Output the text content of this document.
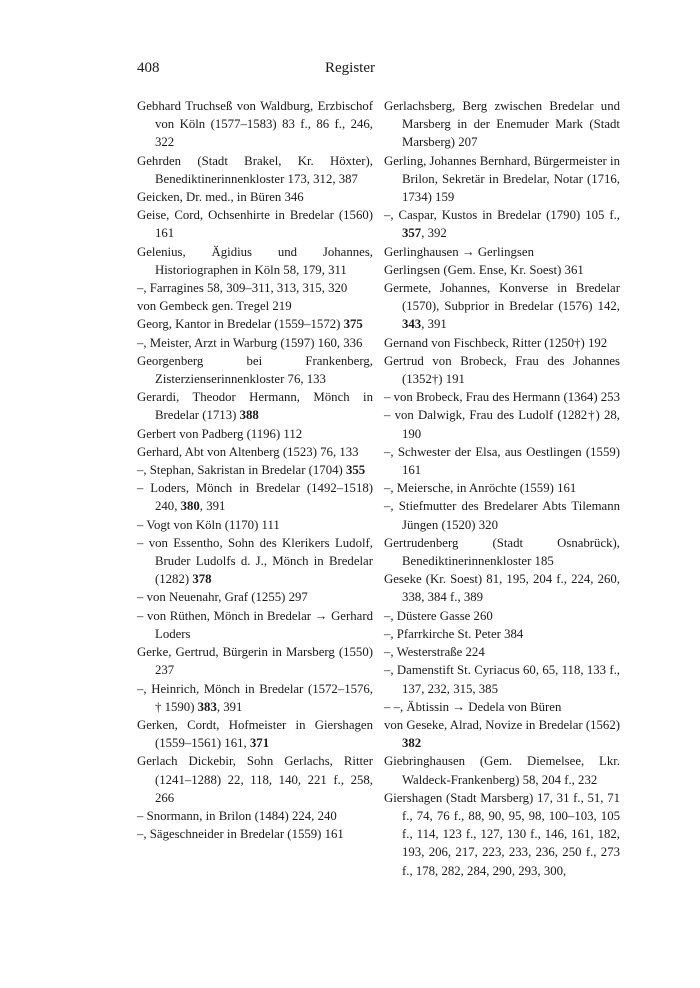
408	Register

Gebhard Truchseß von Waldburg, Erzbischof von Köln (1577–1583) 83 f., 86 f., 246, 322

Gehrden (Stadt Brakel, Kr. Höxter), Benediktinerinnenkloster 173, 312, 387

Geicken, Dr. med., in Büren 346

Geise, Cord, Ochsenhirte in Bredelar (1560) 161

Gelenius, Ägidius und Johannes, Historiographen in Köln 58, 179, 311

–, Farragines 58, 309–311, 313, 315, 320

von Gembeck gen. Tregel 219

Georg, Kantor in Bredelar (1559–1572) 375

–, Meister, Arzt in Warburg (1597) 160, 336

Georgenberg bei Frankenberg, Zisterzienserinnenkloster 76, 133

Gerardi, Theodor Hermann, Mönch in Bredelar (1713) 388

Gerbert von Padberg (1196) 112

Gerhard, Abt von Altenberg (1523) 76, 133

–, Stephan, Sakristan in Bredelar (1704) 355

– Loders, Mönch in Bredelar (1492–1518) 240, 380, 391

– Vogt von Köln (1170) 111

– von Essentho, Sohn des Klerikers Ludolf, Bruder Ludolfs d. J., Mönch in Bredelar (1282) 378

– von Neuenahr, Graf (1255) 297

– von Rüthen, Mönch in Bredelar → Gerhard Loders

Gerke, Gertrud, Bürgerin in Marsberg (1550) 237

–, Heinrich, Mönch in Bredelar (1572–1576, † 1590) 383, 391

Gerken, Cordt, Hofmeister in Giershagen (1559–1561) 161, 371

Gerlach Dickebir, Sohn Gerlachs, Ritter (1241–1288) 22, 118, 140, 221 f., 258, 266

– Snormann, in Brilon (1484) 224, 240

–, Sägeschneider in Bredelar (1559) 161

Gerlachsberg, Berg zwischen Bredelar und Marsberg in der Enemuder Mark (Stadt Marsberg) 207

Gerling, Johannes Bernhard, Bürgermeister in Brilon, Sekretär in Bredelar, Notar (1716, 1734) 159

–, Caspar, Kustos in Bredelar (1790) 105 f., 357, 392

Gerlinghausen → Gerlingsen

Gerlingsen (Gem. Ense, Kr. Soest) 361

Germete, Johannes, Konverse in Bredelar (1570), Subprior in Bredelar (1576) 142, 343, 391

Gernand von Fischbeck, Ritter (1250†) 192

Gertrud von Brobeck, Frau des Johannes (1352†) 191

– von Brobeck, Frau des Hermann (1364) 253

– von Dalwigk, Frau des Ludolf (1282†) 28, 190

–, Schwester der Elsa, aus Oestlingen (1559) 161

–, Meiersche, in Anröchte (1559) 161

–, Stiefmutter des Bredelarer Abts Tilemann Jüngen (1520) 320

Gertrudenberg (Stadt Osnabrück), Benediktinerinnenkloster 185

Geseke (Kr. Soest) 81, 195, 204 f., 224, 260, 338, 384 f., 389

–, Düstere Gasse 260

–, Pfarrkirche St. Peter 384

–, Westerstraße 224

–, Damenstift St. Cyriacus 60, 65, 118, 133 f., 137, 232, 315, 385

– –, Äbtissin → Dedela von Büren

von Geseke, Alrad, Novize in Bredelar (1562) 382

Giebringhausen (Gem. Diemelsee, Lkr. Waldeck-Frankenberg) 58, 204 f., 232

Giershagen (Stadt Marsberg) 17, 31 f., 51, 71 f., 74, 76 f., 88, 90, 95, 98, 100–103, 105 f., 114, 123 f., 127, 130 f., 146, 161, 182, 193, 206, 217, 223, 233, 236, 250 f., 273 f., 178, 282, 284, 290, 293, 300,
